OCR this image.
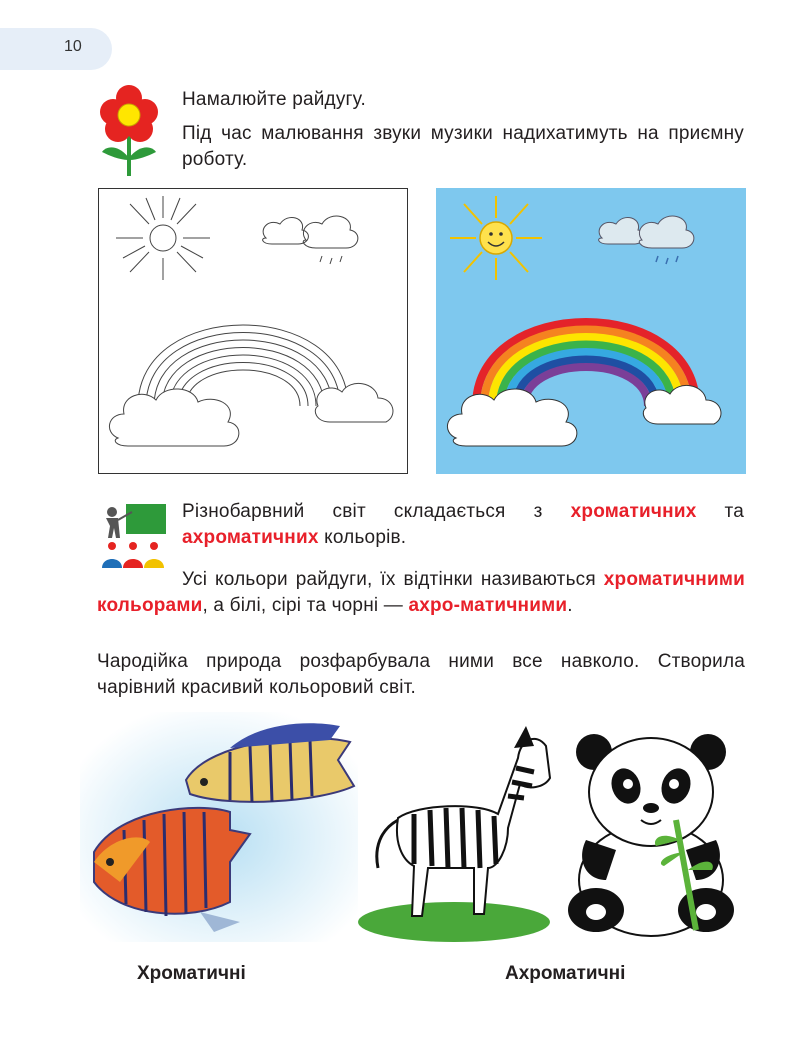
10
Намалюйте райдугу.
Під час малювання звуки музики надихатимуть на приємну роботу.
Різнобарвний світ складається з хроматичних та ахроматичних кольорів.
Усі кольори райдуги, їх відтінки називаються хроматичними кольорами, а білі, сірі та чорні — ахро-матичними.
Чародійка природа розфарбувала ними все навколо. Створила чарівний красивий кольоровий світ.
Хроматичні	Ахроматичні
